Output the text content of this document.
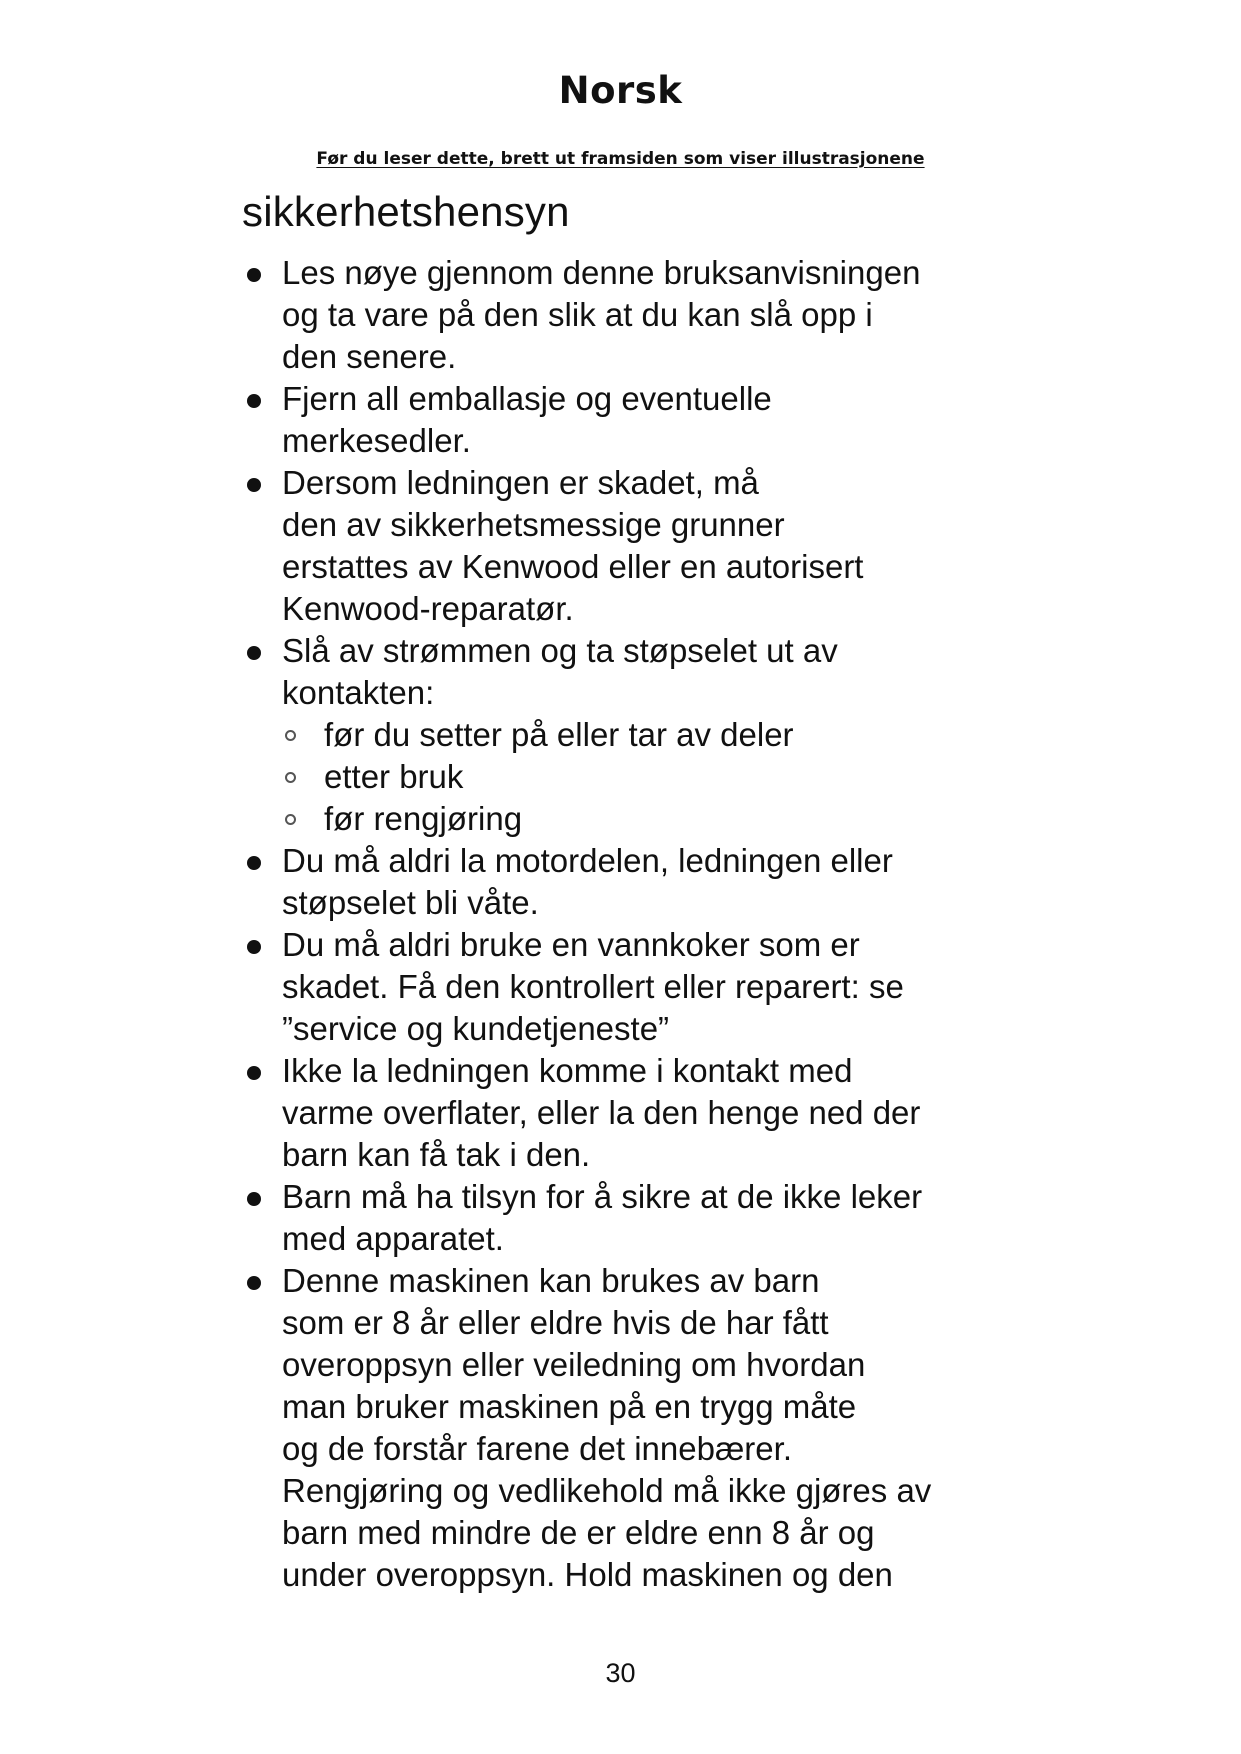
Norsk

Før du leser dette, brett ut framsiden som viser illustrasjonene

sikkerhetshensyn
Les nøye gjennom denne bruksanvisningen
og ta vare på den slik at du kan slå opp i
den senere.
Fjern all emballasje og eventuelle
merkesedler.
Dersom ledningen er skadet, må
den av sikkerhetsmessige grunner
erstattes av Kenwood eller en autorisert
Kenwood-reparatør.
Slå av strømmen og ta støpselet ut av
kontakten:
før du setter på eller tar av deler
etter bruk
før rengjøring
Du må aldri la motordelen, ledningen eller
støpselet bli våte.
Du må aldri bruke en vannkoker som er
skadet. Få den kontrollert eller reparert: se
”service og kundetjeneste”
Ikke la ledningen komme i kontakt med
varme overflater, eller la den henge ned der
barn kan få tak i den.
Barn må ha tilsyn for å sikre at de ikke leker
med apparatet.
Denne maskinen kan brukes av barn
som er 8 år eller eldre hvis de har fått
overoppsyn eller veiledning om hvordan
man bruker maskinen på en trygg måte
og de forstår farene det innebærer.
Rengjøring og vedlikehold må ikke gjøres av
barn med mindre de er eldre enn 8 år og
under overoppsyn. Hold maskinen og den
30
